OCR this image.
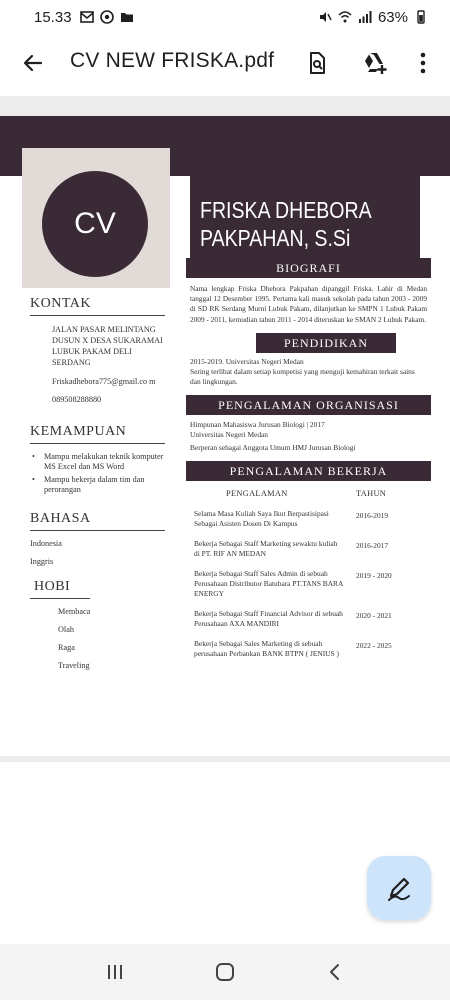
15.33	63%
CV NEW FRISKA.pdf
CV	FRISKA DHEBORA
PAKPAHAN, S.Si
KONTAK
JALAN PASAR MELINTANG DUSUN X DESA SUKARAMAI LUBUK PAKAM DELI SERDANG
Friskadhebora775@gmail.co m
089508288880
KEMAMPUAN
• Mampu melakukan teknik komputer MS Excel dan MS Word
• Mampu bekerja dalam tim dan perorangan
BAHASA
Indonesia
Inggris
HOBI
Membaca
Olah
Raga
Traveling
BIOGRAFI
Nama lengkap Friska Dhebora Pakpahan dipanggil Friska. Lahir di Medan tanggal 12 Desember 1995. Pertama kali masuk sekolah pada tahun 2003 - 2009 di SD RK Serdang Murni Lubuk Pakam, dilanjutkan ke SMPN 1 Lubuk Pakam 2009 - 2011, kemudian tahun 2011 - 2014 diteruskan ke SMAN 2 Lubuk Pakam.
PENDIDIKAN
2015-2019. Universitas Negeri Medan
Sering terlibat dalam setiap kompetisi yang menguji kemahiran terkait sains dan lingkungan.
PENGALAMAN ORGANISASI
Himpunan Mahasiswa Jurusan Biologi | 2017
Universitas Negeri Medan
Berperan sebagai Anggota Umum HMJ Jurusan Biologi
PENGALAMAN BEKERJA
PENGALAMAN	TAHUN
Selama Masa Kuliah Saya Ikut Berpastisipasi Sebagai Asisten Dosen Di Kampus
2016-2019
Bekerja Sebagai Staff Marketing sewaktu kuliah di PT. RIF AN MEDAN
2016-2017
Bekerja Sebagai Staff Sales Admin di sebuah Perusahaan Distributor Batubara PT.TANS BARA ENERGY
2019 - 2020
Bekerja Sebagai Staff Financial Advisor di sebuah Perusahaan AXA MANDIRI
2020 - 2021
Bekerja Sebagai Sales Marketing di sebuah perusahaan Perbankan BANK BTPN ( JENIUS )
2022 - 2025
